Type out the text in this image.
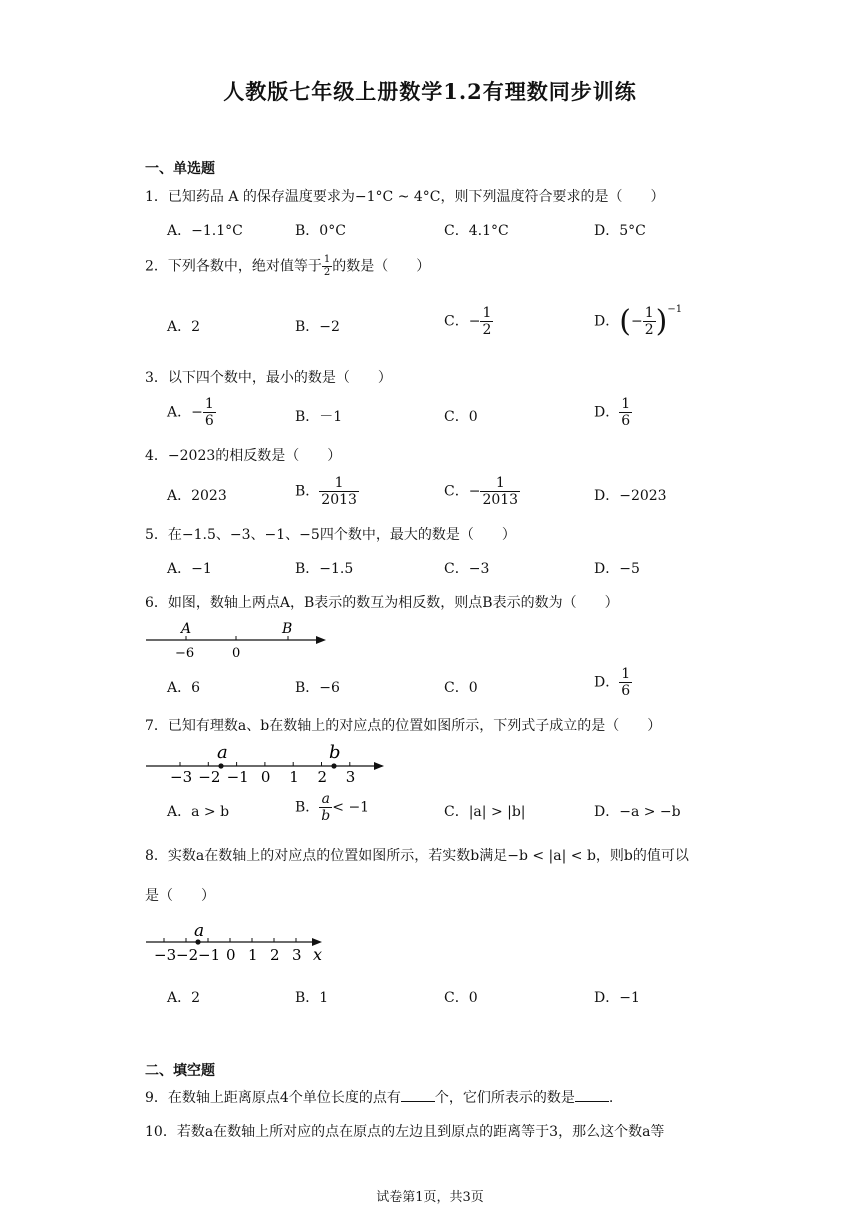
人教版七年级上册数学1.2有理数同步训练
一、单选题
1．已知药品 A 的保存温度要求为−1°C ~ 4°C，则下列温度符合要求的是（　　）
A．−1.1°C	B．0°C	C．4.1°C	D．5°C
2．下列各数中，绝对值等于 $\frac{1}{2}$ 的数是（　　）
A．2	B．−2	C．− $\frac{1}{2}$	D．(− $\frac{1}{2} )^{-1}$
3．以下四个数中，最小的数是（　　）
A．− $\frac{1}{6}$	B．－1	C．0	D． $\frac{1}{6}$
4．−2023的相反数是（　　）
A．2023	B． $\frac{1}{2013}$	C．− $\frac{1}{2013}$	D．−2023
5．在−1.5、−3、−1、−5四个数中，最大的数是（　　）
A．−1	B．−1.5	C．−3	D．−5
6．如图，数轴上两点A，B表示的数互为相反数，则点B表示的数为（　　）
A	B
−6	0
A．6	B．−6	C．0	D． $\frac{1}{6}$
7．已知有理数a、b在数轴上的对应点的位置如图所示，下列式子成立的是（　　）
−3 −2 −1 0 1 2 3
a	b
A．a > b	B． $\frac{a}{b} < -1$	C．|a| > |b|	D．−a > −b
8．实数a在数轴上的对应点的位置如图所示，若实数b满足−b < |a| < b，则b的值可以
是（　　）
−3 −2 −1 0 1 2 3
a
x
A．2	B．1	C．0	D．−1
二、填空题
9．在数轴上距离原点4个单位长度的点有 个，它们所表示的数是 .
10．若数a在数轴上所对应的点在原点的左边且到原点的距离等于3，那么这个数a等
试卷第1页，共3页
